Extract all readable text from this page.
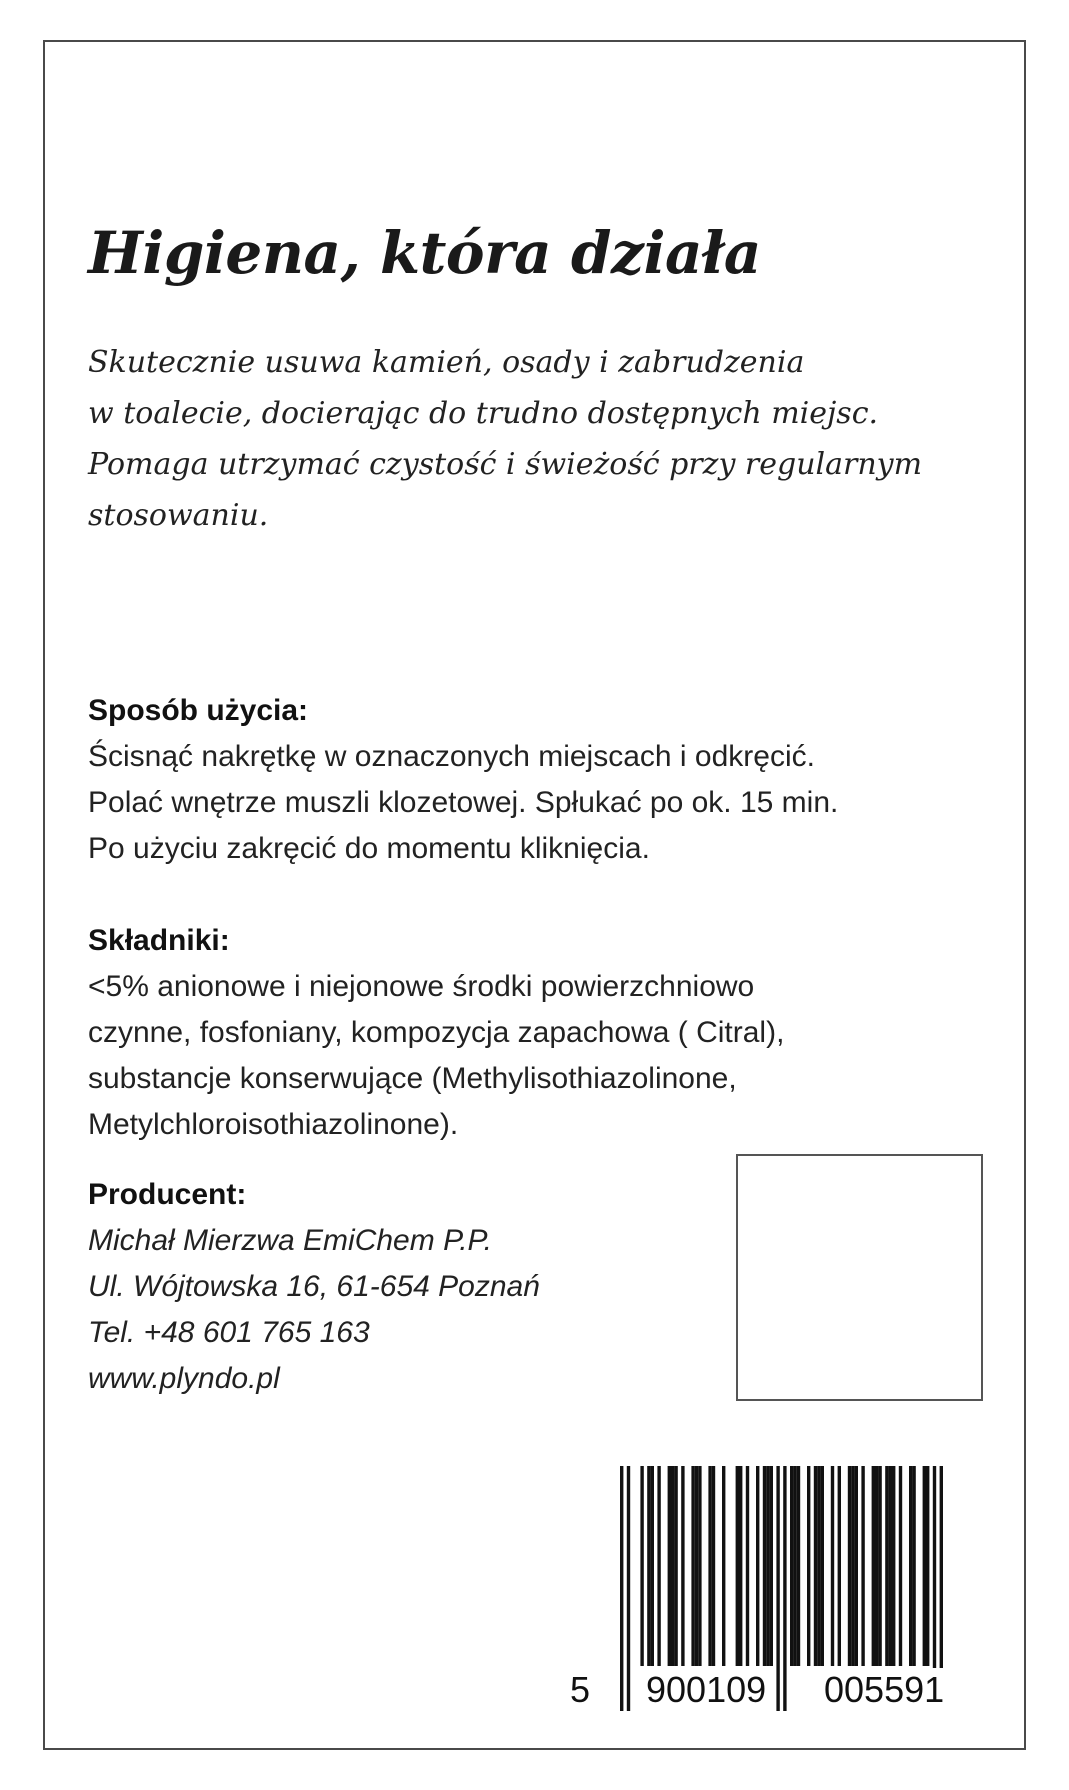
Higiena, która działa
Skutecznie usuwa kamień, osady i zabrudzenia
w toalecie, docierając do trudno dostępnych miejsc.
Pomaga utrzymać czystość i świeżość przy regularnym
stosowaniu.
Sposób użycia:
Ścisnąć nakrętkę w oznaczonych miejscach i odkręcić.
Polać wnętrze muszli klozetowej. Spłukać po ok. 15 min.
Po użyciu zakręcić do momentu kliknięcia.
Składniki:
<5% anionowe i niejonowe środki powierzchniowo
czynne, fosfoniany, kompozycja zapachowa ( Citral),
substancje konserwujące (Methylisothiazolinone,
Metylchloroisothiazolinone).
Producent:
Michał Mierzwa EmiChem P.P.
Ul. Wójtowska 16, 61-654 Poznań
Tel. +48 601 765 163
www.plyndo.pl
5 900109 005591
